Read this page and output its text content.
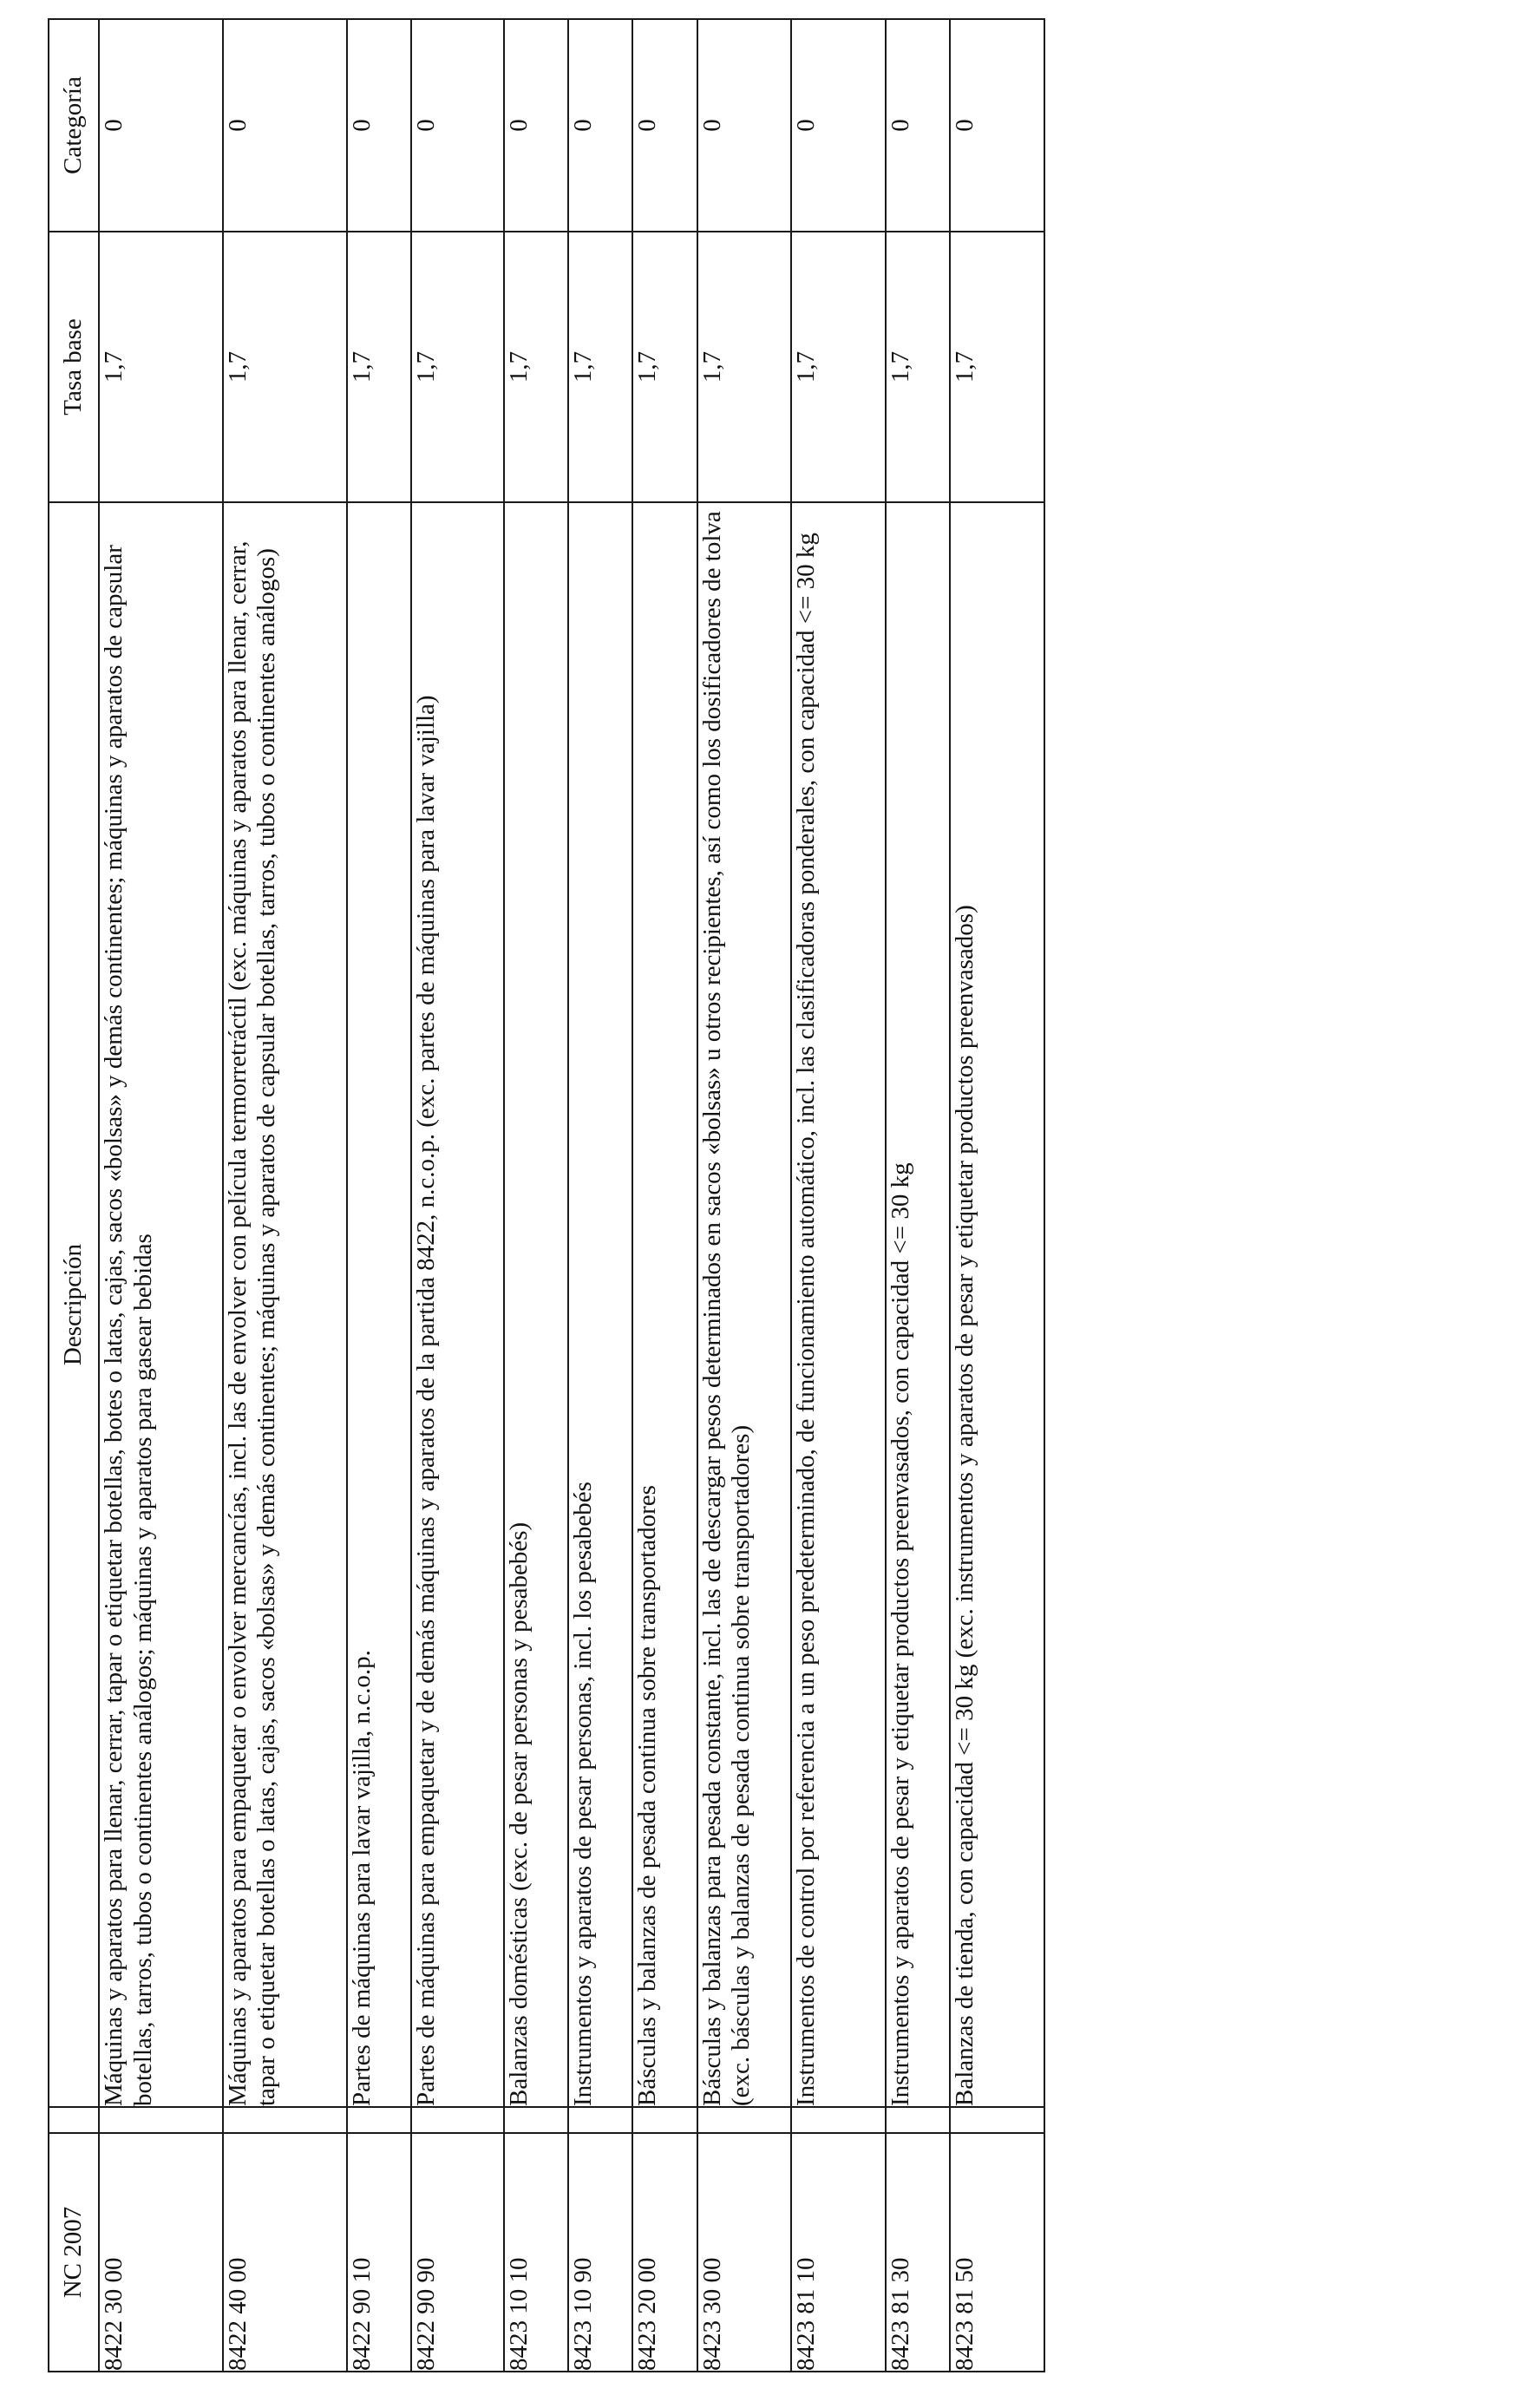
NC 2007		Descripción	Tasa base	Categoría
8422 30 00		Máquinas y aparatos para llenar, cerrar, tapar o etiquetar botellas, botes o latas, cajas, sacos «bolsas» y demás continentes; máquinas y aparatos de capsular botellas, tarros, tubos o continentes análogos; máquinas y aparatos para gasear bebidas	1,7	0
8422 40 00		Máquinas y aparatos para empaquetar o envolver mercancías, incl. las de envolver con película termorretráctil (exc. máquinas y aparatos para llenar, cerrar, tapar o etiquetar botellas o latas, cajas, sacos «bolsas» y demás continentes; máquinas y aparatos de capsular botellas, tarros, tubos o continentes análogos)	1,7	0
8422 90 10		Partes de máquinas para lavar vajilla, n.c.o.p.	1,7	0
8422 90 90		Partes de máquinas para empaquetar y de demás máquinas y aparatos de la partida 8422, n.c.o.p. (exc. partes de máquinas para lavar vajilla)	1,7	0
8423 10 10		Balanzas domésticas (exc. de pesar personas y pesabebés)	1,7	0
8423 10 90		Instrumentos y aparatos de pesar personas, incl. los pesabebés	1,7	0
8423 20 00		Básculas y balanzas de pesada continua sobre transportadores	1,7	0
8423 30 00		Básculas y balanzas para pesada constante, incl. las de descargar pesos determinados en sacos «bolsas» u otros recipientes, así como los dosificadores de tolva (exc. básculas y balanzas de pesada continua sobre transportadores)	1,7	0
8423 81 10		Instrumentos de control por referencia a un peso predeterminado, de funcionamiento automático, incl. las clasificadoras ponderales, con capacidad <= 30 kg	1,7	0
8423 81 30		Instrumentos y aparatos de pesar y etiquetar productos preenvasados, con capacidad <= 30 kg	1,7	0
8423 81 50		Balanzas de tienda, con capacidad <= 30 kg (exc. instrumentos y aparatos de pesar y etiquetar productos preenvasados)	1,7	0
